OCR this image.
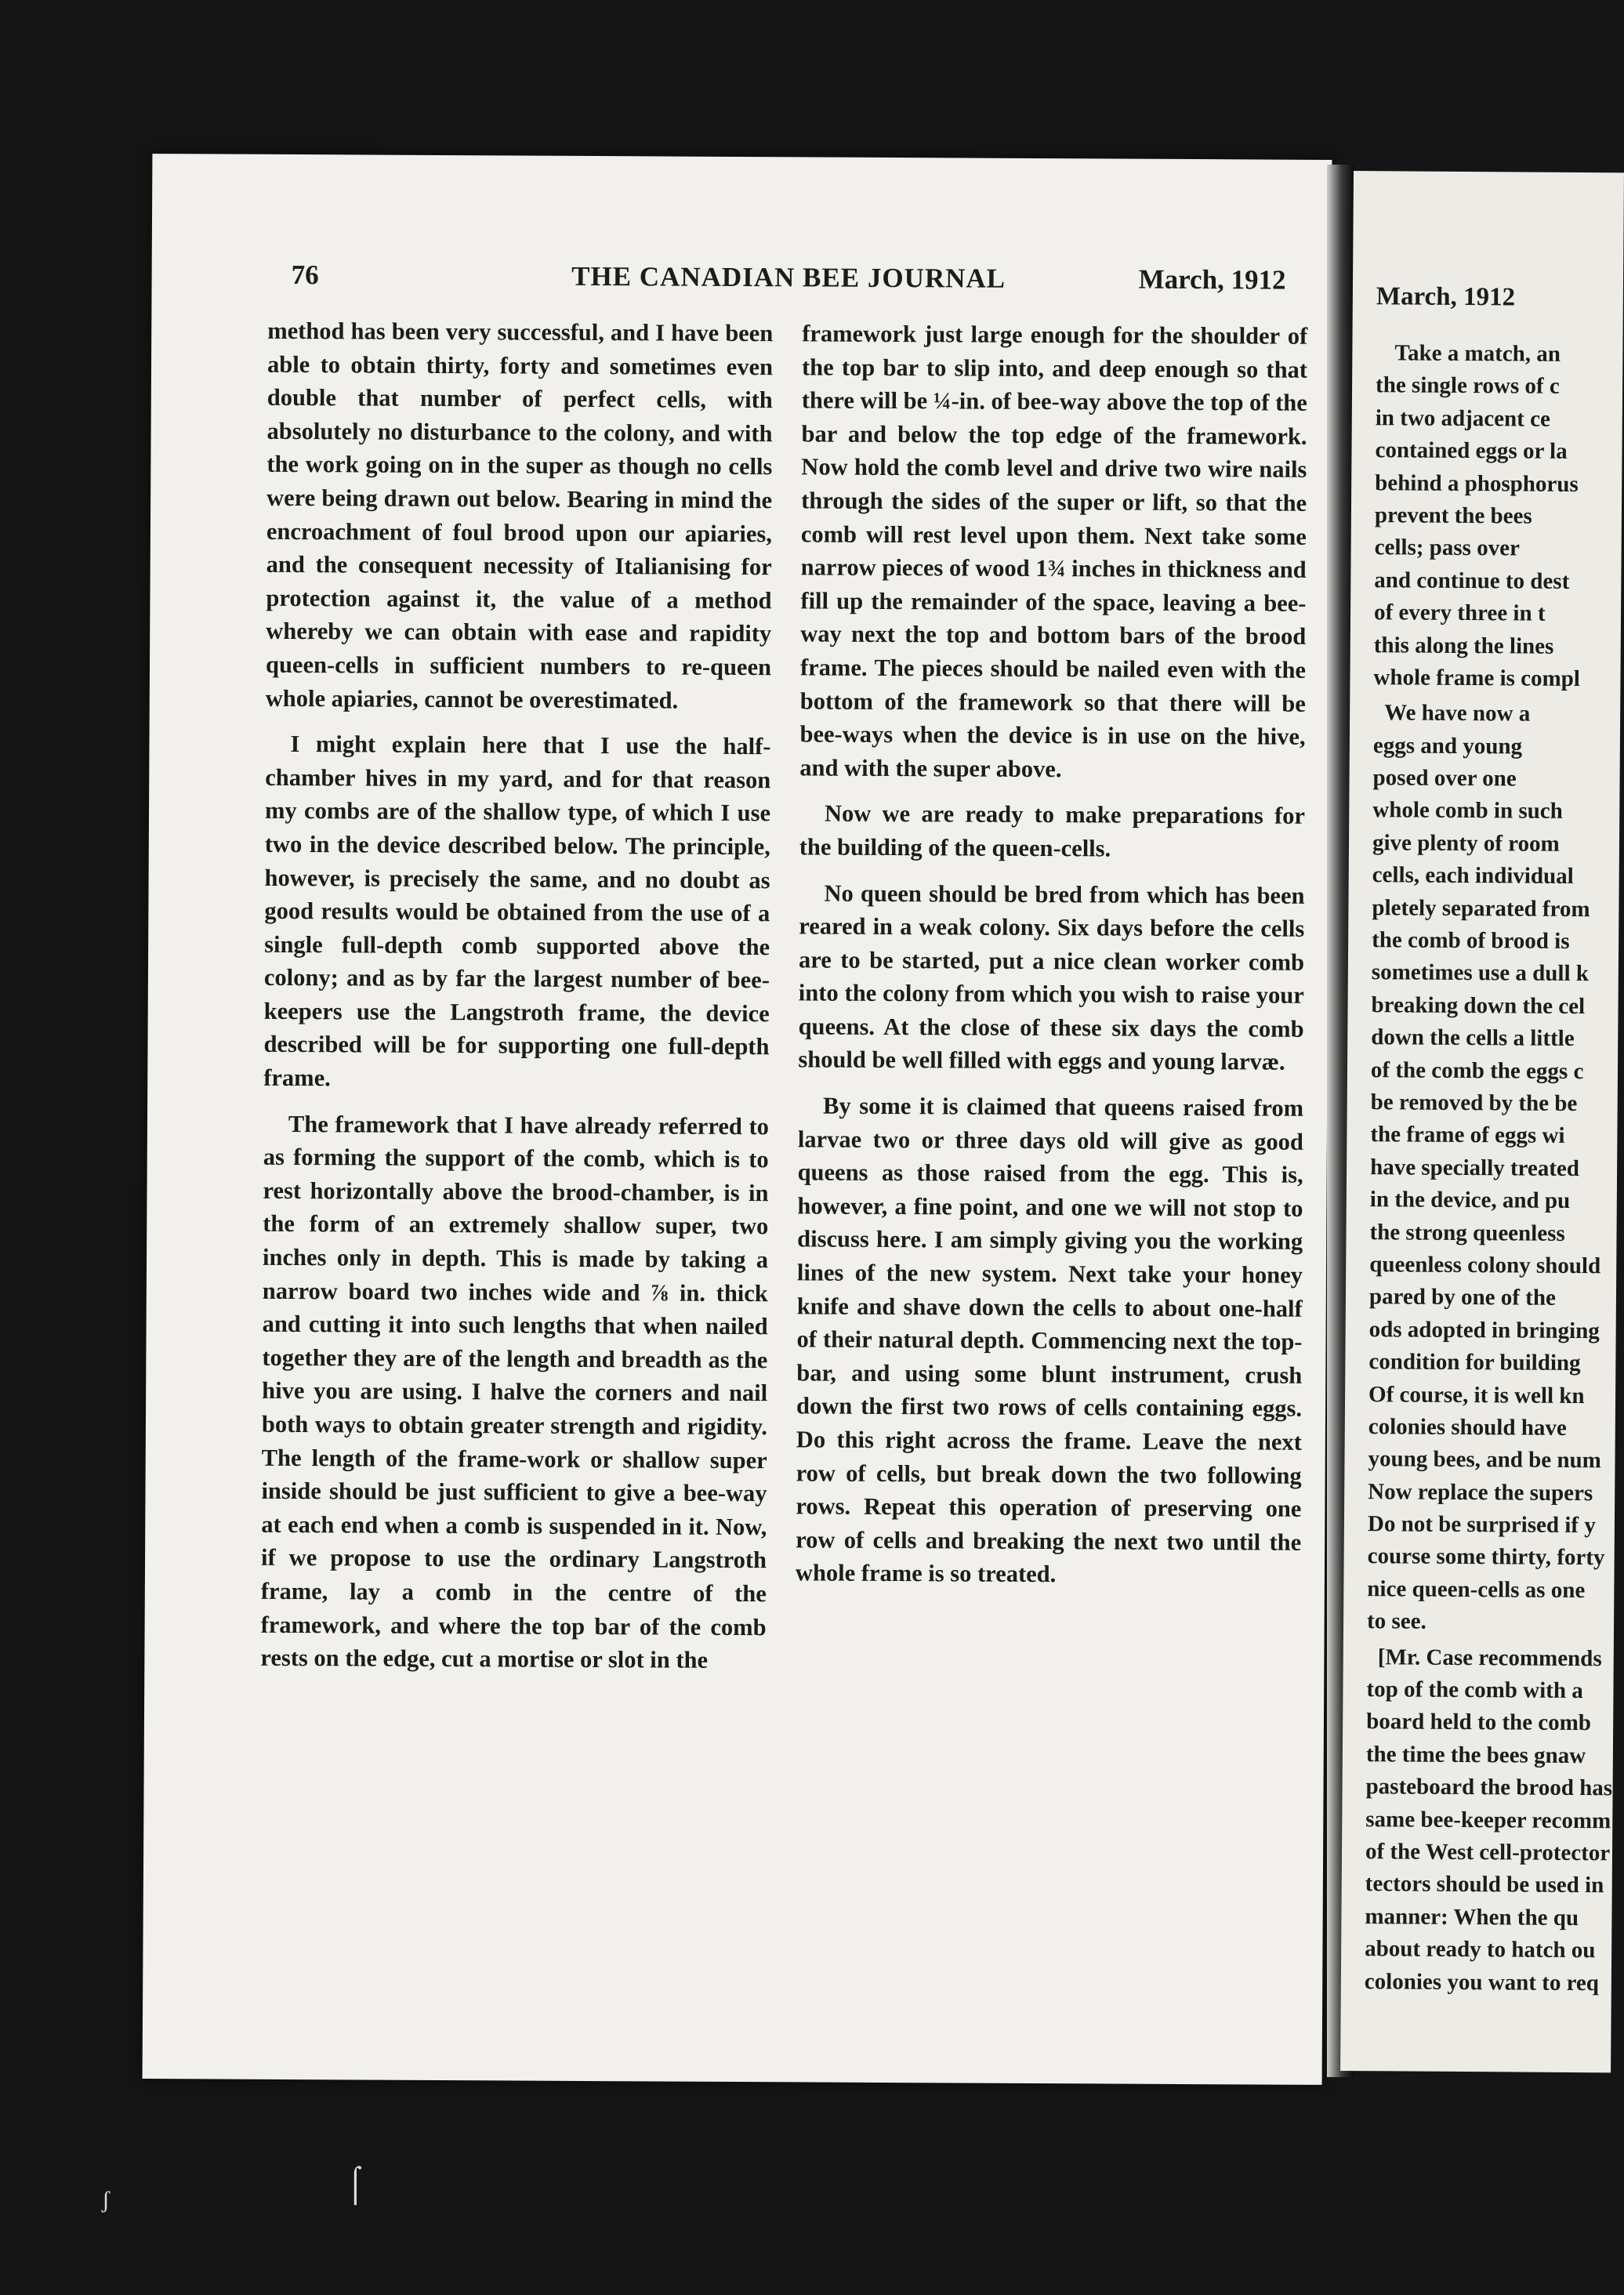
76	THE CANADIAN BEE JOURNAL	March, 1912

method has been very successful, and I have been able to obtain thirty, forty and sometimes even double that number of perfect cells, with absolutely no disturbance to the colony, and with the work going on in the super as though no cells were being drawn out below. Bearing in mind the encroachment of foul brood upon our apiaries, and the consequent necessity of Italianising for protection against it, the value of a method whereby we can obtain with ease and rapidity queen-cells in sufficient numbers to re-queen whole apiaries, cannot be overestimated.

I might explain here that I use the half-chamber hives in my yard, and for that reason my combs are of the shallow type, of which I use two in the device described below. The principle, however, is precisely the same, and no doubt as good results would be obtained from the use of a single full-depth comb supported above the colony; and as by far the largest number of bee-keepers use the Langstroth frame, the device described will be for supporting one full-depth frame.

The framework that I have already referred to as forming the support of the comb, which is to rest horizontally above the brood-chamber, is in the form of an extremely shallow super, two inches only in depth. This is made by taking a narrow board two inches wide and ⅞ in. thick and cutting it into such lengths that when nailed together they are of the length and breadth as the hive you are using. I halve the corners and nail both ways to obtain greater strength and rigidity. The length of the frame-work or shallow super inside should be just sufficient to give a bee-way at each end when a comb is suspended in it. Now, if we propose to use the ordinary Langstroth frame, lay a comb in the centre of the framework, and where the top bar of the comb rests on the edge, cut a mortise or slot in the

framework just large enough for the shoulder of the top bar to slip into, and deep enough so that there will be ¼-in. of bee-way above the top of the bar and below the top edge of the framework. Now hold the comb level and drive two wire nails through the sides of the super or lift, so that the comb will rest level upon them. Next take some narrow pieces of wood 1¾ inches in thickness and fill up the remainder of the space, leaving a bee-way next the top and bottom bars of the brood frame. The pieces should be nailed even with the bottom of the framework so that there will be bee-ways when the device is in use on the hive, and with the super above.

Now we are ready to make preparations for the building of the queen-cells.

No queen should be bred from which has been reared in a weak colony. Six days before the cells are to be started, put a nice clean worker comb into the colony from which you wish to raise your queens. At the close of these six days the comb should be well filled with eggs and young larvæ.

By some it is claimed that queens raised from larvae two or three days old will give as good queens as those raised from the egg. This is, however, a fine point, and one we will not stop to discuss here. I am simply giving you the working lines of the new system. Next take your honey knife and shave down the cells to about one-half of their natural depth. Commencing next the top-bar, and using some blunt instrument, crush down the first two rows of cells containing eggs. Do this right across the frame. Leave the next row of cells, but break down the two following rows. Repeat this operation of preserving one row of cells and breaking the next two until the whole frame is so treated.

March, 1912
Take a match, an
the single rows of c
in two adjacent ce
contained eggs or la
behind a phosphorus
prevent the bees
cells; pass over
and continue to dest
of every three in t
this along the lines
whole frame is compl
We have now a
eggs and young
posed over one
whole comb in such
give plenty of room
cells, each individual
pletely separated from
the comb of brood is
sometimes use a dull k
breaking down the cel
down the cells a little
of the comb the eggs c
be removed by the be
the frame of eggs wi
have specially treated
in the device, and pu
the strong queenless
queenless colony should
pared by one of the
ods adopted in bringing
condition for building
Of course, it is well kn
colonies should have
young bees, and be num
Now replace the supers
Do not be surprised if y
course some thirty, forty
nice queen-cells as one
to see.
[Mr. Case recommends
top of the comb with a
board held to the comb
the time the bees gnaw
pasteboard the brood has
same bee-keeper recomm
of the West cell-protector
tectors should be used in
manner: When the qu
about ready to hatch ou
colonies you want to req
ʃ	⌠
